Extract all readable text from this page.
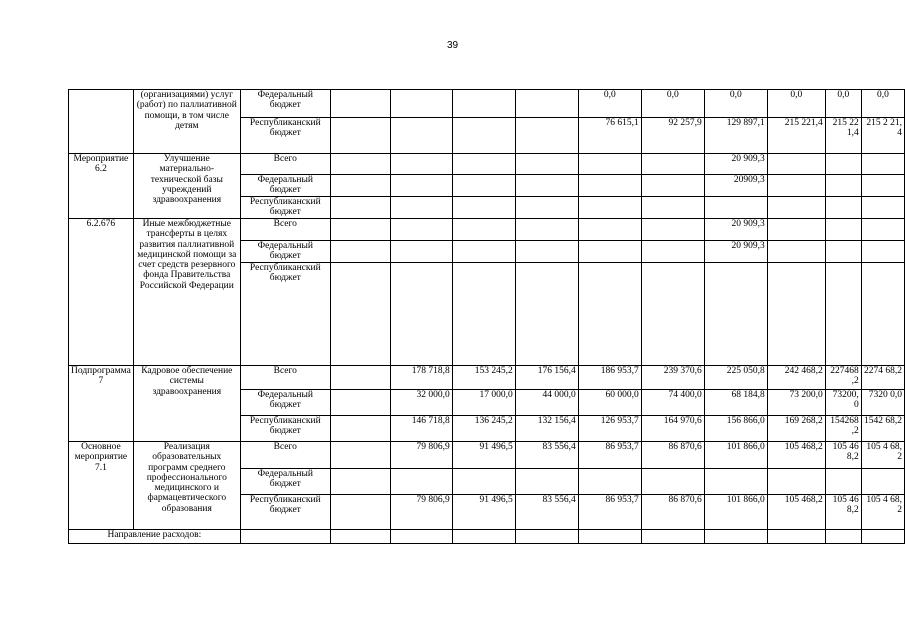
39
	(организациями) услуг (работ) по паллиативной помощи, в том числе детям	Федеральный бюджет					0,0	0,0	0,0	0,0	0,0	0,0
		Республиканский бюджет					76 615,1	92 257,9	129 897,1	215 221,4	215 22 1,4	215 2 21,4
Мероприятие 6.2	Улучшение материально-технической базы учреждений здравоохранения	Всего							20 909,3			
		Федеральный бюджет							20909,3			
		Республиканский бюджет										
6.2.676	Иные межбюджетные трансферты в целях развития паллиативной медицинской помощи за счет средств резервного фонда Правительства Российской Федерации	Всего							20 909,3			
		Федеральный бюджет							20 909,3			
		Республиканский бюджет										
Подпрограмма 7	Кадровое обеспечение системы здравоохранения	Всего		178 718,8	153 245,2	176 156,4	186 953,7	239 370,6	225 050,8	242 468,2	227468 ,2	2274 68,2
		Федеральный бюджет		32 000,0	17 000,0	44 000,0	60 000,0	74 400,0	68 184,8	73 200,0	73200, 0	7320 0,0
		Республиканский бюджет		146 718,8	136 245,2	132 156,4	126 953,7	164 970,6	156 866,0	169 268,2	154268 ,2	1542 68,2
Основное мероприятие 7.1	Реализация образовательных программ среднего профессионального медицинского и фармацевтического образования	Всего		79 806,9	91 496,5	83 556,4	86 953,7	86 870,6	101 866,0	105 468,2	105 46 8,2	105 4 68,2
		Федеральный бюджет										
		Республиканский бюджет		79 806,9	91 496,5	83 556,4	86 953,7	86 870,6	101 866,0	105 468,2	105 46 8,2	105 4 68,2
Направление расходов:												
